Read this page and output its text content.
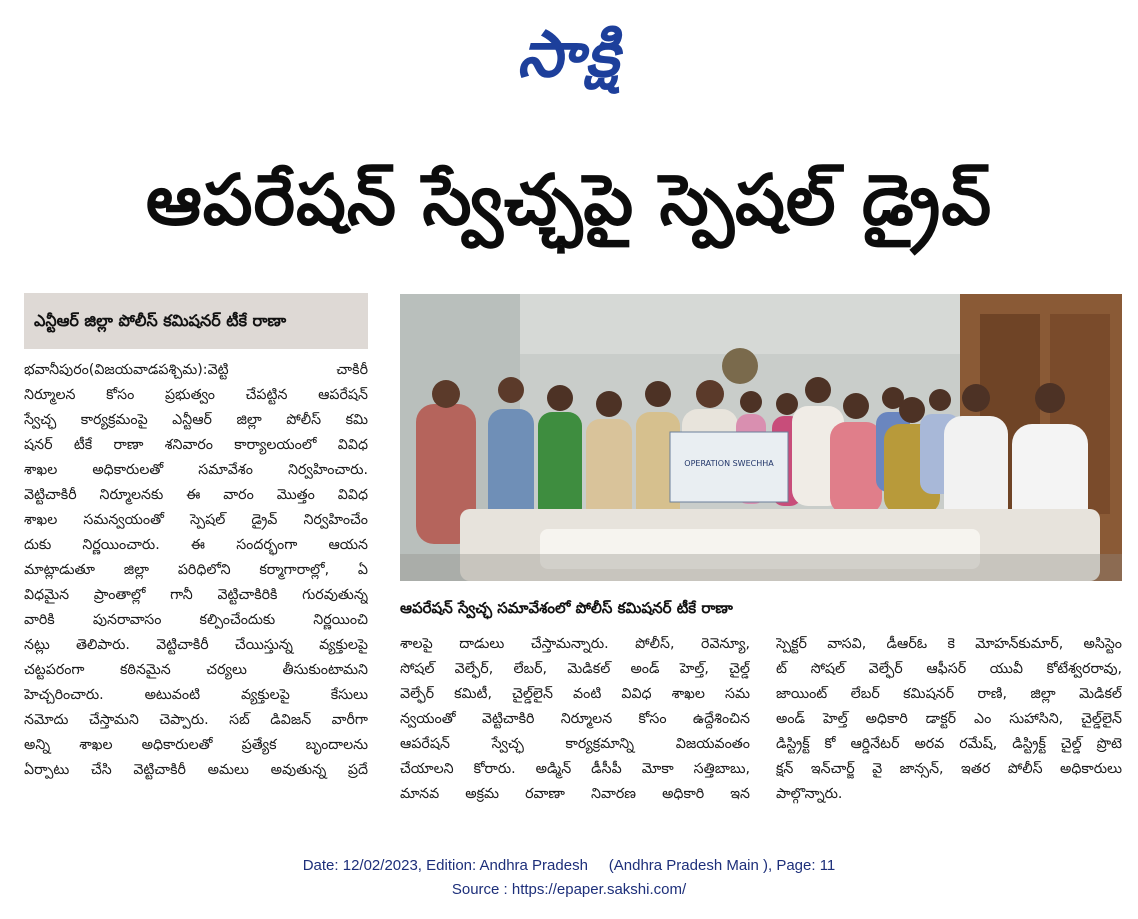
సాక్షి
ఆపరేషన్ స్వేచ్ఛపై స్పెషల్ డ్రైవ్
ఎన్టీఆర్ జిల్లా పోలీస్ కమిషనర్ టీకే రాణా

భవానీపురం(విజయవాడపశ్చిమ):వెట్టి చాకిరీ

నిర్మూలన కోసం ప్రభుత్వం చేపట్టిన ఆపరేషన్

స్వేచ్ఛ కార్యక్రమంపై ఎన్టీఆర్ జిల్లా పోలీస్ కమి

షనర్ టీకే రాణా శనివారం కార్యాలయంలో వివిధ

శాఖల అధికారులతో సమావేశం నిర్వహించారు.

వెట్టిచాకిరీ నిర్మూలనకు ఈ వారం మొత్తం వివిధ

శాఖల సమన్వయంతో స్పెషల్ డ్రైవ్ నిర్వహించేం

దుకు నిర్ణయించారు. ఈ సందర్భంగా ఆయన

మాట్లాడుతూ జిల్లా పరిధిలోని కర్మాగారాల్లో, ఏ

విధమైన ప్రాంతాల్లో గానీ వెట్టిచాకిరికి గురవుతున్న

వారికి పునరావాసం కల్పించేందుకు నిర్ణయించి

నట్లు తెలిపారు. వెట్టిచాకిరీ చేయిస్తున్న వ్యక్తులపై

చట్టపరంగా కఠినమైన చర్యలు తీసుకుంటామని

హెచ్చరించారు. అటువంటి వ్యక్తులపై కేసులు

నమోదు చేస్తామని చెప్పారు. సబ్ డివిజన్ వారీగా

అన్ని శాఖల అధికారులతో ప్రత్యేక బృందాలను

ఏర్పాటు చేసి వెట్టిచాకిరీ అమలు అవుతున్న ప్రదే

OPERATION SWECHHA
ఆపరేషన్ స్వేచ్ఛ సమావేశంలో పోలీస్ కమిషనర్ టీకే రాణా

శాలపై దాడులు చేస్తామన్నారు. పోలీస్, రెవెన్యూ,

సోషల్ వెల్ఫేర్, లేబర్, మెడికల్ అండ్ హెల్త్, చైల్డ్

వెల్ఫేర్ కమిటీ, చైల్డ్‌లైన్ వంటి వివిధ శాఖల సమ

న్వయంతో వెట్టిచాకిరి నిర్మూలన కోసం ఉద్దేశించిన

ఆపరేషన్ స్వేచ్ఛ కార్యక్రమాన్ని విజయవంతం

చేయాలని కోరారు. అడ్మిన్ డీసీపీ మోకా సత్తిబాబు,

మానవ అక్రమ రవాణా నివారణ అధికారి ఇన

స్పెక్టర్ వాసవి, డీఆర్‌ఓ కె మోహన్‌కుమార్, అసిస్టెం

ట్ సోషల్ వెల్ఫేర్ ఆఫీసర్ యువీ కోటేశ్వరరావు,

జాయింట్ లేబర్ కమిషనర్ రాణి, జిల్లా మెడికల్

అండ్ హెల్త్ అధికారి డాక్టర్ ఎం సుహాసిని, చైల్డ్‌లైన్

డిస్ట్రిక్ట్ కో ఆర్డినేటర్ అరవ రమేష్, డిస్ట్రిక్ట్ చైల్డ్ ప్రొటె

క్షన్ ఇన్‌చార్జ్ వై జాన్సన్, ఇతర పోలీస్ అధికారులు

పాల్గొన్నారు.

Date: 12/02/2023, Edition: Andhra Pradesh     (Andhra Pradesh Main ), Page: 11
Source : https://epaper.sakshi.com/
